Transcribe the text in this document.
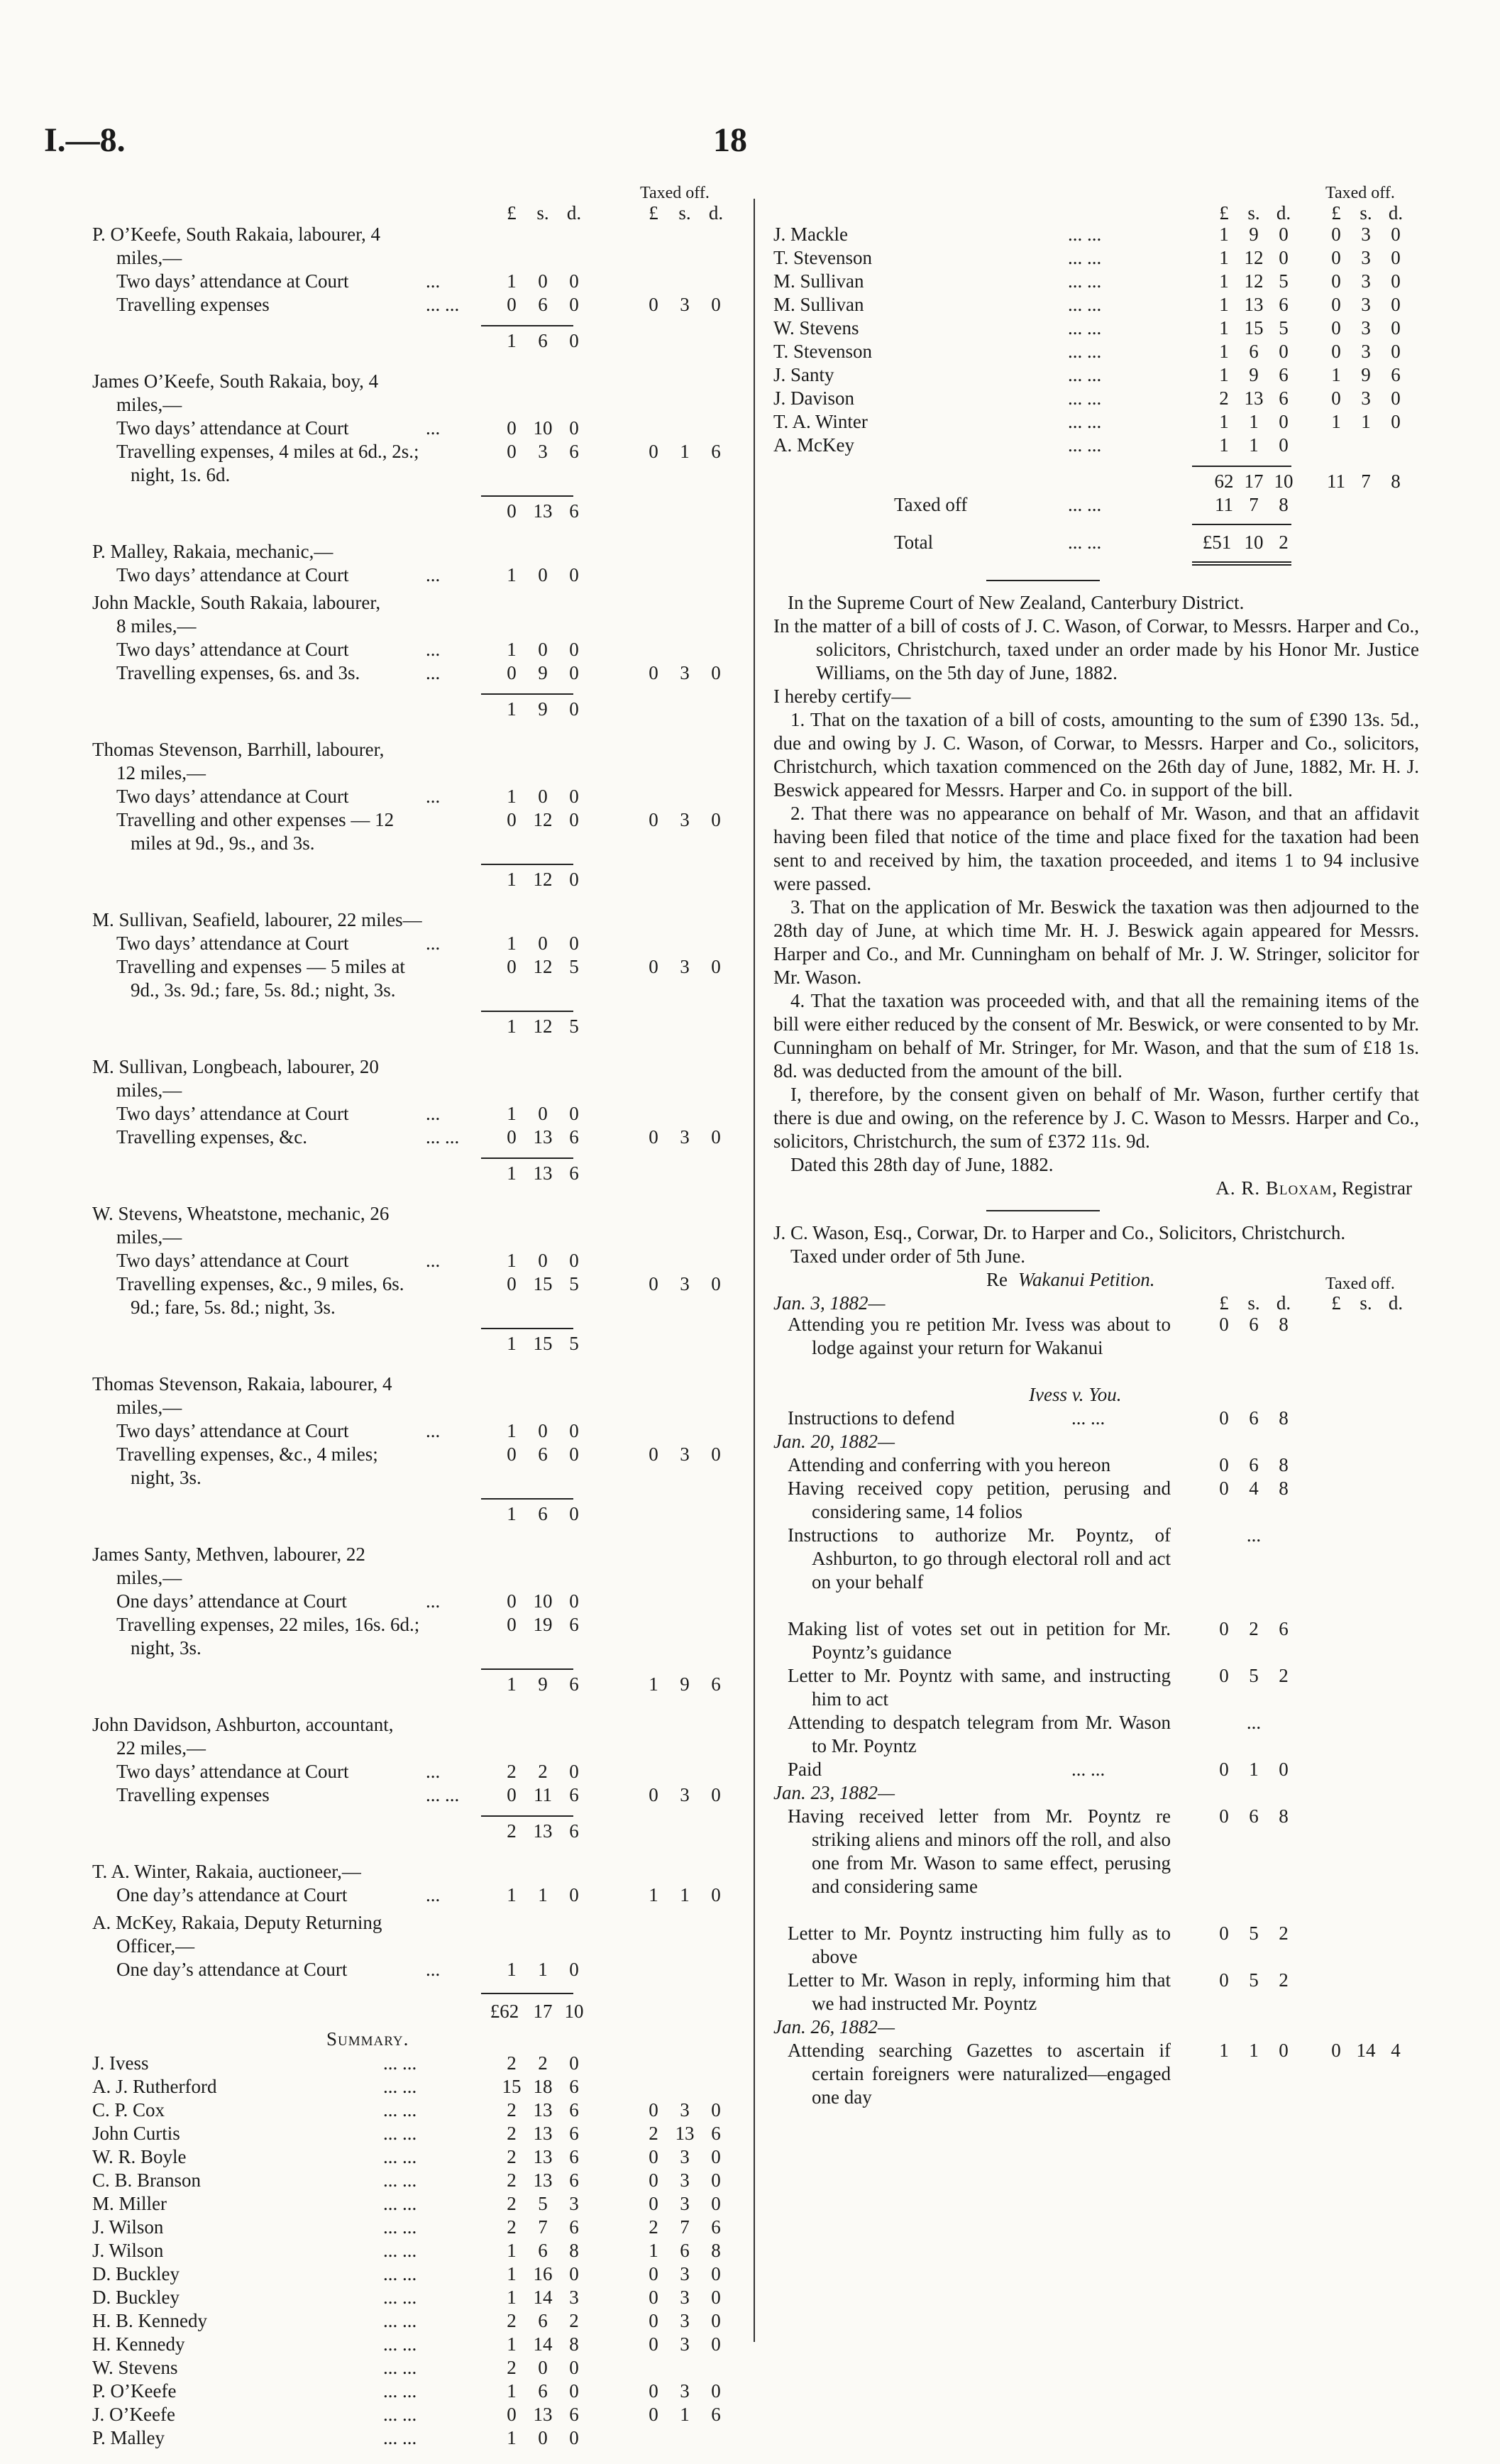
I.—8.	18
Taxed off.
£	s. d.	£	s. d.
P. O’Keefe, South Rakaia, labourer, 4
miles,—
Two days’ attendance at Court	...	1	0	0
Travelling expenses	... ...	0	6	0	0	3	0
1	6	0
James O’Keefe, South Rakaia, boy, 4
miles,—
Two days’ attendance at Court	...	0 10 0
Travelling expenses, 4 miles at 6d., 2s.;	0	3	6	0	1	6
night, 1s. 6d.
0 13 6
P. Malley, Rakaia, mechanic,—
Two days’ attendance at Court	...	1	0	0
John Mackle, South Rakaia, labourer,
8 miles,—
Two days’ attendance at Court	...	1	0	0
Travelling expenses, 6s. and 3s.	...	0	9	0	0	3	0
1	9	0
Thomas Stevenson, Barrhill, labourer,
12 miles,—
Two days’ attendance at Court	...	1	0	0
Travelling and other expenses — 12	0 12 0	0	3	0
miles at 9d., 9s., and 3s.
1 12 0
M. Sullivan, Seafield, labourer, 22 miles—
Two days’ attendance at Court	...	1	0	0
Travelling and expenses — 5 miles at	0 12 5	0	3	0
9d., 3s. 9d.; fare, 5s. 8d.; night, 3s.
1 12 5
M. Sullivan, Longbeach, labourer, 20
miles,—
Two days’ attendance at Court	...	1	0	0
Travelling expenses, &c.	... ...	0 13 6	0	3	0
1 13 6
W. Stevens, Wheatstone, mechanic, 26
miles,—
Two days’ attendance at Court	...	1	0	0
Travelling expenses, &c., 9 miles, 6s.	0 15 5	0	3	0
9d.; fare, 5s. 8d.; night, 3s.
1 15 5
Thomas Stevenson, Rakaia, labourer, 4
miles,—
Two days’ attendance at Court	...	1	0	0
Travelling expenses, &c., 4 miles;	0	6	0	0	3	0
night, 3s.
1	6	0
James Santy, Methven, labourer, 22
miles,—
One days’ attendance at Court	...	0 10 0
Travelling expenses, 22 miles, 16s. 6d.;	0 19 6
night, 3s.
1	9	6	1	9	6
John Davidson, Ashburton, accountant,
22 miles,—
Two days’ attendance at Court	...	2	2	0
Travelling expenses	... ...	0 11 6	0	3	0
2 13 6
T. A. Winter, Rakaia, auctioneer,—
One day’s attendance at Court	...	1	1	0	1	1	0
A. McKey, Rakaia, Deputy Returning
Officer,—
One day’s attendance at Court	...	1	1	0
£62 17 10
Summary.
J. Ivess	... ...	2	2	0
A. J. Rutherford	... ...	15 18 6
C. P. Cox	... ...	2 13 6	0	3	0
John Curtis	... ...	2 13 6	2 13 6
W. R. Boyle	... ...	2 13 6	0	3	0
C. B. Branson	... ...	2 13 6	0	3	0
M. Miller	... ...	2	5	3	0	3	0
J. Wilson	... ...	2	7	6	2	7	6
J. Wilson	... ...	1	6	8	1	6	8
D. Buckley	... ...	1 16 0	0	3	0
D. Buckley	... ...	1 14 3	0	3	0
H. B. Kennedy	... ...	2	6	2	0	3	0
H. Kennedy	... ...	1 14 8	0	3	0
W. Stevens	... ...	2	0	0
P. O’Keefe	... ...	1	6	0	0	3	0
J. O’Keefe	... ...	0 13 6	0	1	6
P. Malley	... ...	1	0	0
Taxed off.
£ s. d.	£ s. d.
J. Mackle	... ...	1	9	0	0	3	0
T. Stevenson	... ...	1 12 0	0	3	0
M. Sullivan	... ...	1 12 5	0	3	0
M. Sullivan	... ...	1 13 6	0	3	0
W. Stevens	... ...	1 15 5	0	3	0
T. Stevenson	... ...	1	6	0	0	3	0
J. Santy	... ...	1	9	6	1	9	6
J. Davison	... ...	2 13 6	0	3	0
T. A. Winter	... ...	1	1	0	1	1	0
A. McKey	... ...	1	1	0
62 17 10	11 7	8
Taxed off	... ...	11 7	8
Total	... ...	£51 10 2
In the Supreme Court of New Zealand, Canterbury District.
In the matter of a bill of costs of J. C. Wason, of Corwar, to Messrs. Harper and Co., solicitors, Christchurch, taxed under an order made by his Honor Mr. Justice Williams, on the 5th day of June, 1882.
I hereby certify—
1. That on the taxation of a bill of costs, amounting to the sum of £390 13s. 5d., due and owing by J. C. Wason, of Corwar, to Messrs. Harper and Co., solicitors, Christchurch, which taxation commenced on the 26th day of June, 1882, Mr. H. J. Beswick appeared for Messrs. Harper and Co. in support of the bill.
2. That there was no appearance on behalf of Mr. Wason, and that an affidavit having been filed that notice of the time and place fixed for the taxation had been sent to and received by him, the taxation proceeded, and items 1 to 94 inclusive were passed.
3. That on the application of Mr. Beswick the taxation was then adjourned to the 28th day of June, at which time Mr. H. J. Beswick again appeared for Messrs. Harper and Co., and Mr. Cunningham on behalf of Mr. J. W. Stringer, solicitor for Mr. Wason.
4. That the taxation was proceeded with, and that all the remaining items of the bill were either reduced by the consent of Mr. Beswick, or were consented to by Mr. Cunningham on behalf of Mr. Stringer, for Mr. Wason, and that the sum of £18 1s. 8d. was deducted from the amount of the bill.
I, therefore, by the consent given on behalf of Mr. Wason, further certify that there is due and owing, on the reference by J. C. Wason to Messrs. Harper and Co., solicitors, Christchurch, the sum of £372 11s. 9d.
Dated this 28th day of June, 1882.
A. R. Bloxam, Registrar
J. C. Wason, Esq., Corwar, Dr. to Harper and Co., Solicitors, Christchurch.
Taxed under order of 5th June.
Re Wakanui Petition.	Taxed off.
Jan. 3, 1882—	£ s. d.	£ s. d.
Attending you re petition Mr. Ivess was about to lodge against your return for Wakanui
0	6	8
Ivess v. You.
Instructions to defend	... ...	0	6	8
Jan. 20, 1882—
Attending and conferring with you hereon	0	6	8
Having received copy petition, perusing and considering same, 14 folios
0	4	8
Instructions to authorize Mr. Poyntz, of Ashburton, to go through electoral roll and act on your behalf
...
Making list of votes set out in petition for Mr. Poyntz’s guidance
0	2	6
Letter to Mr. Poyntz with same, and instructing him to act
0	5	2
Attending to despatch telegram from Mr. Wason to Mr. Poyntz
...
Paid	... ...	0	1	0
Jan. 23, 1882—
Having received letter from Mr. Poyntz re striking aliens and minors off the roll, and also one from Mr. Wason to same effect, perusing and considering same
0	6	8
Letter to Mr. Poyntz instructing him fully as to above
0	5	2
Letter to Mr. Wason in reply, informing him that we had instructed Mr. Poyntz
0	5	2
Jan. 26, 1882—
Attending searching Gazettes to ascertain if certain foreigners were naturalized—engaged one day
1	1	0	0 14 4
